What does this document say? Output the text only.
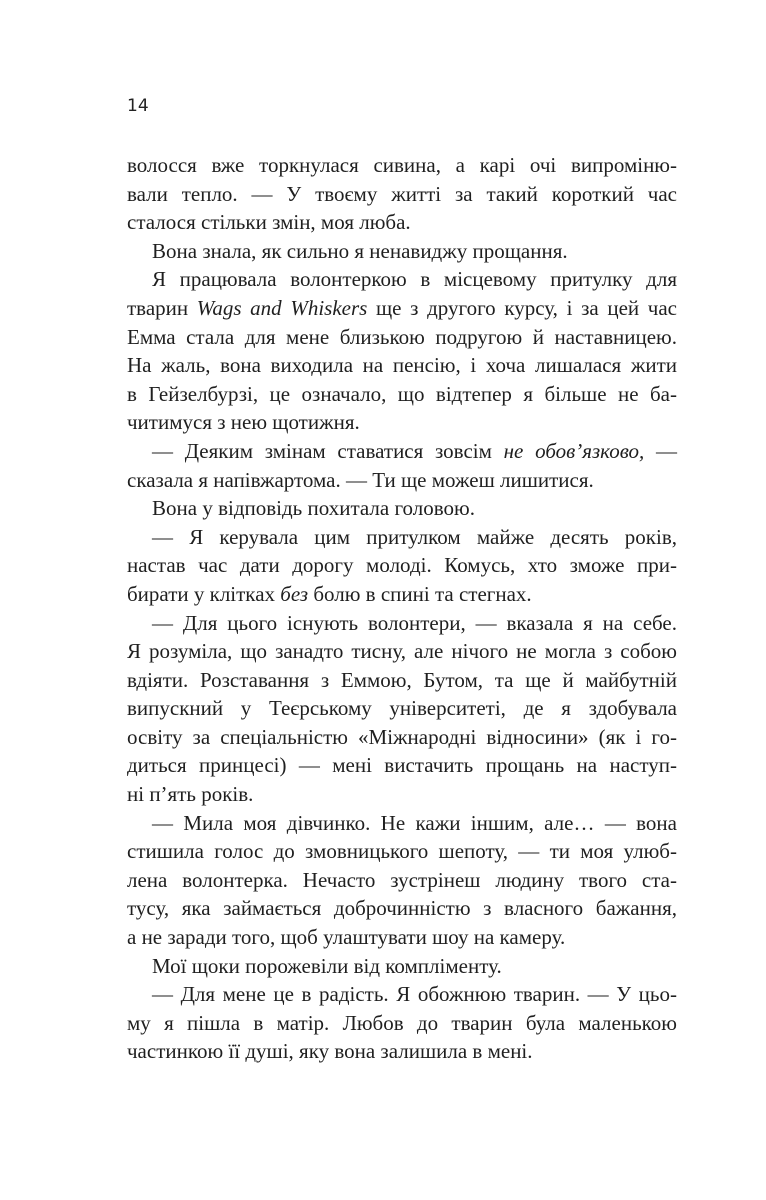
14
волосся вже торкнулася сивина, а карі очі випроміню-
вали тепло. — У твоєму житті за такий короткий час
сталося стільки змін, моя люба.
Вона знала, як сильно я ненавиджу прощання.
Я працювала волонтеркою в місцевому притулку для
тварин Wags and Whiskers ще з другого курсу, і за цей час
Емма стала для мене близькою подругою й наставницею.
На жаль, вона виходила на пенсію, і хоча лишалася жити
в Гейзелбурзі, це означало, що відтепер я більше не ба-
читимуся з нею щотижня.
— Деяким змінам ставатися зовсім не обов’язково, —
сказала я напівжартома. — Ти ще можеш лишитися.
Вона у відповідь похитала головою.
— Я керувала цим притулком майже десять років,
настав час дати дорогу молоді. Комусь, хто зможе при-
бирати у клітках без болю в спині та стегнах.
— Для цього існують волонтери, — вказала я на себе.
Я розуміла, що занадто тисну, але нічого не могла з собою
вдіяти. Розставання з Еммою, Бутом, та ще й майбутній
випускний у Теєрському університеті, де я здобувала
освіту за спеціальністю «Міжнародні відносини» (як і го-
диться принцесі) — мені вистачить прощань на наступ-
ні п’ять років.
— Мила моя дівчинко. Не кажи іншим, але… — вона
стишила голос до змовницького шепоту, — ти моя улюб-
лена волонтерка. Нечасто зустрінеш людину твого ста-
тусу, яка займається доброчинністю з власного бажання,
а не заради того, щоб улаштувати шоу на камеру.
Мої щоки порожевіли від компліменту.
— Для мене це в радість. Я обожнюю тварин. — У цьо-
му я пішла в матір. Любов до тварин була маленькою
частинкою її душі, яку вона залишила в мені.
